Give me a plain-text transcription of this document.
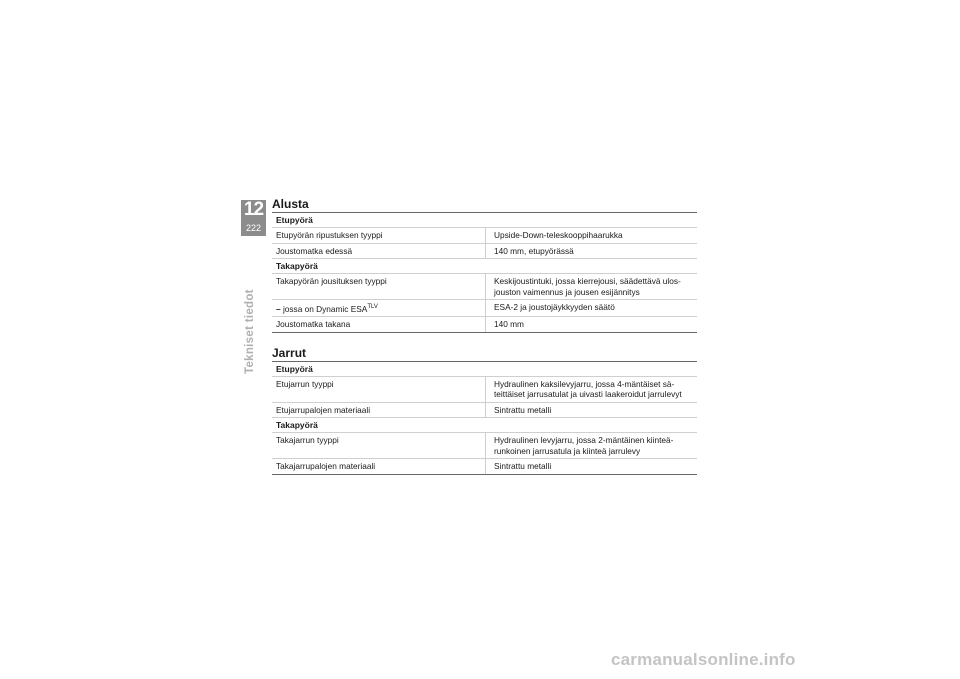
12
222
Tekniset tiedot
Alusta
Etupyörä
Etupyörän ripustuksen tyyppi	Upside-Down-teleskooppihaarukka
Joustomatka edessä	140 mm, etupyörässä
Takapyörä
Takapyörän jousituksen tyyppi	Keskijoustintuki, jossa kierrejousi, säädettävä ulos-
jouston vaimennus ja jousen esijännitys
– jossa on Dynamic $ESA^{TLV}$	ESA-2 ja joustojäykkyyden säätö
Joustomatka takana	140 mm
Jarrut
Etupyörä
Etujarrun tyyppi	Hydraulinen kaksilevyjarru, jossa 4-mäntäiset sä-
teittäiset jarrusatulat ja uivasti laakeroidut jarrulevyt
Etujarrupalojen materiaali	Sintrattu metalli
Takapyörä
Takajarrun tyyppi	Hydraulinen levyjarru, jossa 2-mäntäinen kiinteä-
runkoinen jarrusatula ja kiinteä jarrulevy
Takajarrupalojen materiaali	Sintrattu metalli
carmanualsonline.info
